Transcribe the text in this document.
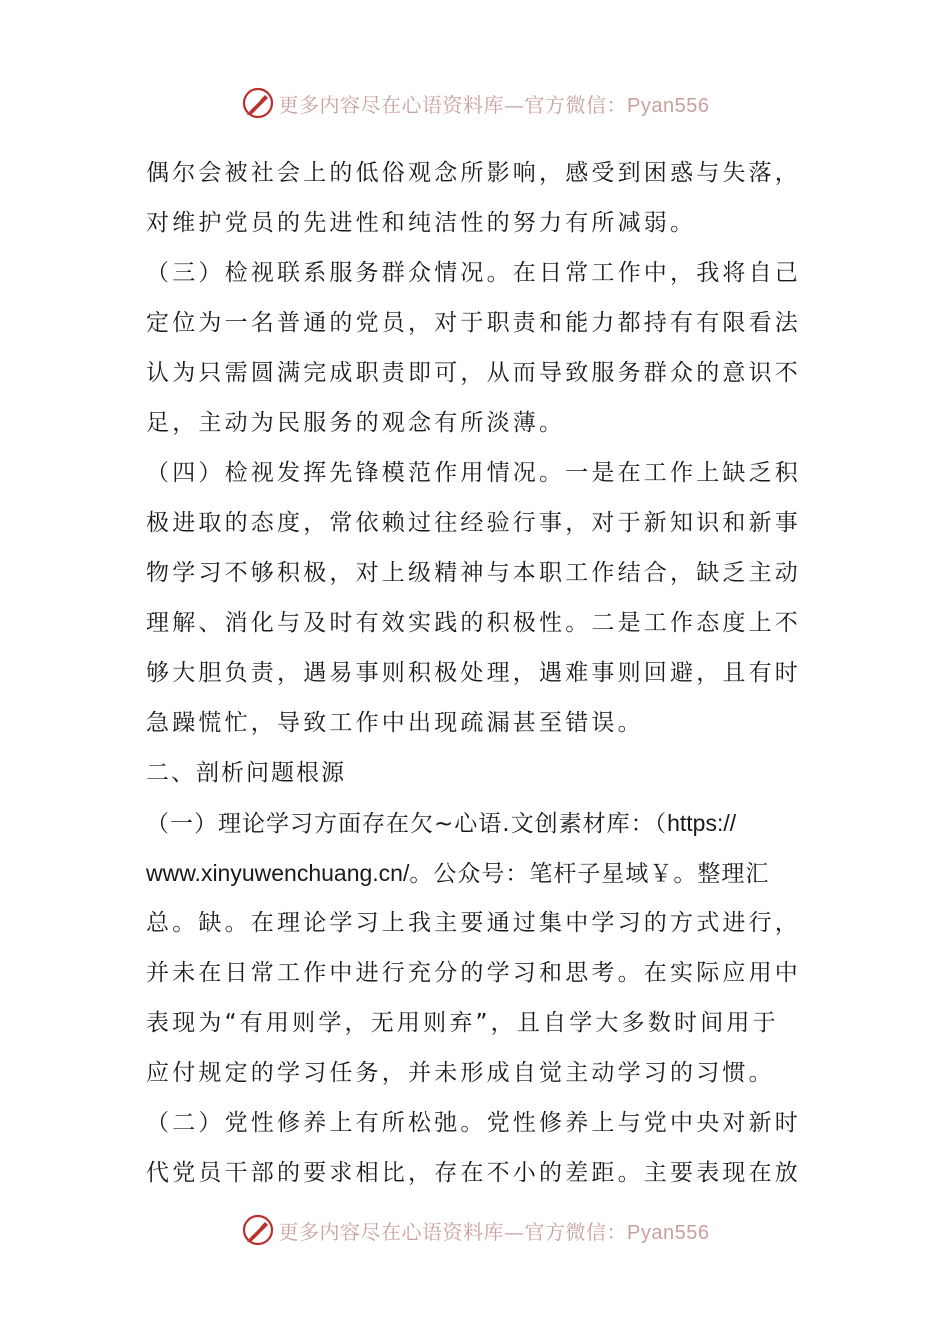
更多内容尽在心语资料库—官方微信：Pyan556
偶尔会被社会上的低俗观念所影响，感受到困惑与失落，
对维护党员的先进性和纯洁性的努力有所减弱。
（三）检视联系服务群众情况。在日常工作中，我将自己
定位为一名普通的党员，对于职责和能力都持有有限看法
认为只需圆满完成职责即可，从而导致服务群众的意识不
足，主动为民服务的观念有所淡薄。
（四）检视发挥先锋模范作用情况。一是在工作上缺乏积
极进取的态度，常依赖过往经验行事，对于新知识和新事
物学习不够积极，对上级精神与本职工作结合，缺乏主动
理解、消化与及时有效实践的积极性。二是工作态度上不
够大胆负责，遇易事则积极处理，遇难事则回避，且有时
急躁慌忙，导致工作中出现疏漏甚至错误。
二、剖析问题根源
（一）理论学习方面存在欠~心语.文创素材库：（https://
www.xinyuwenchuang.cn/。公众号：笔杆子星域￥。整理汇
总。缺。在理论学习上我主要通过集中学习的方式进行，
并未在日常工作中进行充分的学习和思考。在实际应用中
表现为“有用则学，无用则弃”，且自学大多数时间用于
应付规定的学习任务，并未形成自觉主动学习的习惯。
（二）党性修养上有所松弛。党性修养上与党中央对新时
代党员干部的要求相比，存在不小的差距。主要表现在放
更多内容尽在心语资料库—官方微信：Pyan556
